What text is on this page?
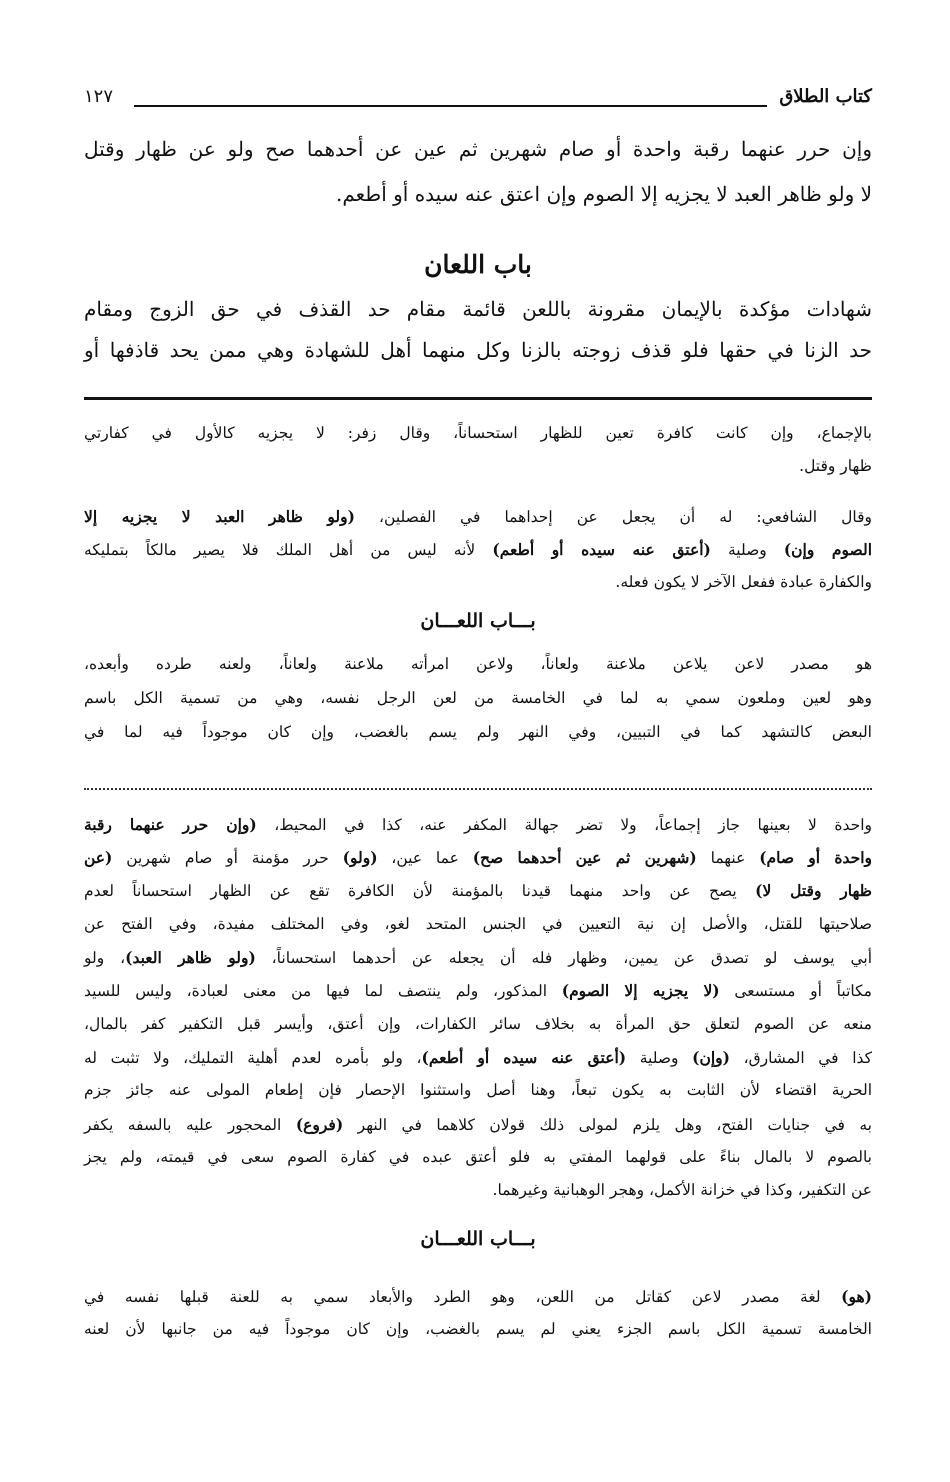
كتاب الطلاق
١٢٧
وإن حرر عنهما رقبة واحدة أو صام شهرين ثم عين عن أحدهما صح ولو عن ظهار وقتل
لا ولو ظاهر العبد لا يجزيه إلا الصوم وإن اعتق عنه سيده أو أطعم.
باب اللعان
شهادات مؤكدة بالإيمان مقرونة باللعن قائمة مقام حد القذف في حق الزوج ومقام
حد الزنا في حقها فلو قذف زوجته بالزنا وكل منهما أهل للشهادة وهي ممن يحد قاذفها أو
بالإجماع، وإن كانت كافرة تعين للظهار استحساناً، وقال زفر: لا يجزيه كالأول في كفارتي
ظهار وقتل.
وقال الشافعي: له أن يجعل عن إحداهما في الفصلين، (ولو ظاهر العبد لا يجزيه إلا
الصوم وإن) وصلية (أعتق عنه سيده أو أطعم) لأنه ليس من أهل الملك فلا يصير مالكاً بتمليكه
والكفارة عبادة ففعل الآخر لا يكون فعله.
بـــاب اللعـــان
هو مصدر لاعن يلاعن ملاعنة ولعاناً، ولاعن امرأته ملاعنة ولعاناً، ولعنه طرده وأبعده،
وهو لعين وملعون سمي به لما في الخامسة من لعن الرجل نفسه، وهي من تسمية الكل باسم
البعض كالتشهد كما في التبيين، وفي النهر ولم يسم بالغضب، وإن كان موجوداً فيه لما في
واحدة لا بعينها جاز إجماعاً، ولا تضر جهالة المكفر عنه، كذا في المحيط، (وإن حرر عنهما رقبة
واحدة أو صام) عنهما (شهرين ثم عين أحدهما صح) عما عين، (ولو) حرر مؤمنة أو صام شهرين (عن
ظهار وقتل لا) يصح عن واحد منهما قيدنا بالمؤمنة لأن الكافرة تقع عن الظهار استحساناً لعدم
صلاحيتها للقتل، والأصل إن نية التعيين في الجنس المتحد لغو، وفي المختلف مفيدة، وفي الفتح عن
أبي يوسف لو تصدق عن يمين، وظهار فله أن يجعله عن أحدهما استحساناً، (ولو ظاهر العبد)، ولو
مكاتباً أو مستسعى (لا يجزيه إلا الصوم) المذكور، ولم ينتصف لما فيها من معنى لعبادة، وليس للسيد
منعه عن الصوم لتعلق حق المرأة به بخلاف سائر الكفارات، وإن أعتق، وأيسر قبل التكفير كفر بالمال،
كذا في المشارق، (وإن) وصلية (أعتق عنه سيده أو أطعم)، ولو بأمره لعدم أهلية التمليك، ولا تثبت له
الحرية اقتضاء لأن الثابت به يكون تبعاً، وهنا أصل واستثنوا الإحصار فإن إطعام المولى عنه جائز جزم
به في جنايات الفتح، وهل يلزم لمولى ذلك قولان كلاهما في النهر (فروع) المحجور عليه بالسفه يكفر
بالصوم لا بالمال بناءً على قولهما المفتي به فلو أعتق عبده في كفارة الصوم سعى في قيمته، ولم يجز
عن التكفير، وكذا في خزانة الأكمل، وهجر الوهبانية وغيرهما.
بـــاب اللعـــان
(هو) لغة مصدر لاعن كقاتل من اللعن، وهو الطرد والأبعاد سمي به للعنة قبلها نفسه في
الخامسة تسمية الكل باسم الجزء يعني لم يسم بالغضب، وإن كان موجوداً فيه من جانبها لأن لعنه
